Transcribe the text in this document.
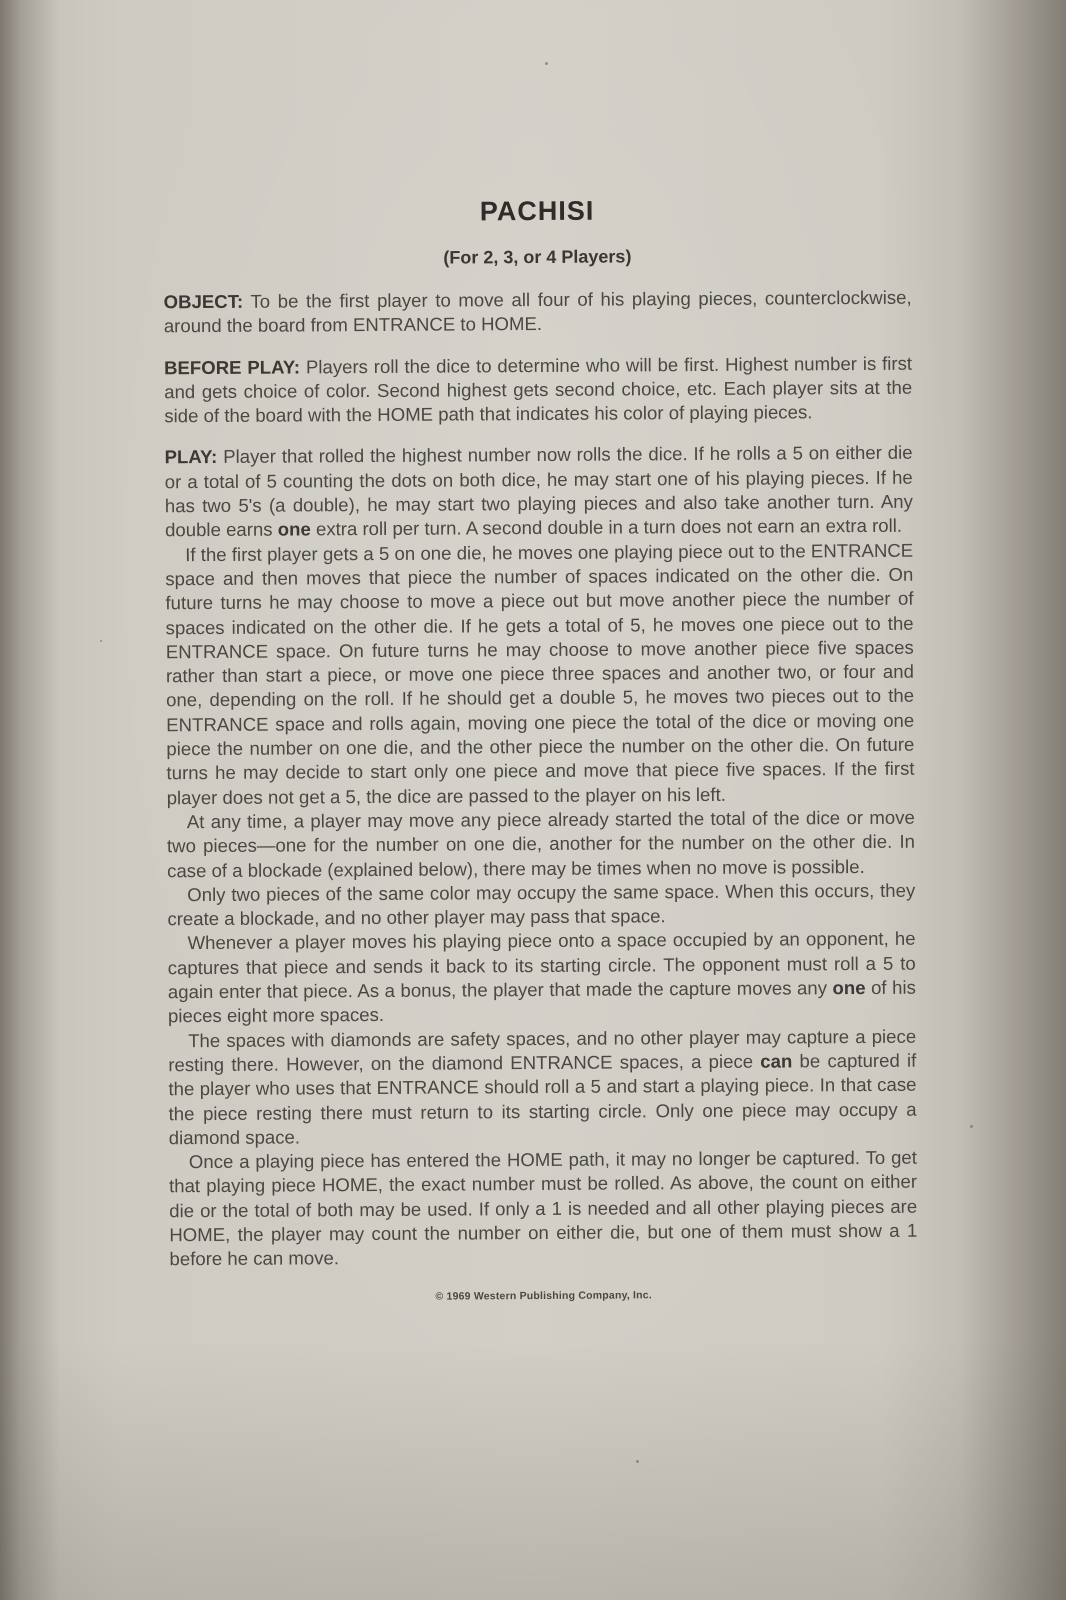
PACHISI
(For 2, 3, or 4 Players)

OBJECT: To be the first player to move all four of his playing pieces, counterclockwise, around the board from ENTRANCE to HOME.

BEFORE PLAY: Players roll the dice to determine who will be first. Highest number is first and gets choice of color. Second highest gets second choice, etc. Each player sits at the side of the board with the HOME path that indicates his color of playing pieces.

PLAY: Player that rolled the highest number now rolls the dice. If he rolls a 5 on either die or a total of 5 counting the dots on both dice, he may start one of his playing pieces. If he has two 5's (a double), he may start two playing pieces and also take another turn. Any double earns one extra roll per turn. A second double in a turn does not earn an extra roll.

If the first player gets a 5 on one die, he moves one playing piece out to the ENTRANCE space and then moves that piece the number of spaces indicated on the other die. On future turns he may choose to move a piece out but move another piece the number of spaces indicated on the other die. If he gets a total of 5, he moves one piece out to the ENTRANCE space. On future turns he may choose to move another piece five spaces rather than start a piece, or move one piece three spaces and another two, or four and one, depending on the roll. If he should get a double 5, he moves two pieces out to the ENTRANCE space and rolls again, moving one piece the total of the dice or moving one piece the number on one die, and the other piece the number on the other die. On future turns he may decide to start only one piece and move that piece five spaces. If the first player does not get a 5, the dice are passed to the player on his left.

At any time, a player may move any piece already started the total of the dice or move two pieces—one for the number on one die, another for the number on the other die. In case of a blockade (explained below), there may be times when no move is possible.

Only two pieces of the same color may occupy the same space. When this occurs, they create a blockade, and no other player may pass that space.

Whenever a player moves his playing piece onto a space occupied by an opponent, he captures that piece and sends it back to its starting circle. The opponent must roll a 5 to again enter that piece. As a bonus, the player that made the capture moves any one of his pieces eight more spaces.

The spaces with diamonds are safety spaces, and no other player may capture a piece resting there. However, on the diamond ENTRANCE spaces, a piece can be captured if the player who uses that ENTRANCE should roll a 5 and start a playing piece. In that case the piece resting there must return to its starting circle. Only one piece may occupy a diamond space.

Once a playing piece has entered the HOME path, it may no longer be captured. To get that playing piece HOME, the exact number must be rolled. As above, the count on either die or the total of both may be used. If only a 1 is needed and all other playing pieces are HOME, the player may count the number on either die, but one of them must show a 1 before he can move.

© 1969 Western Publishing Company, Inc.
